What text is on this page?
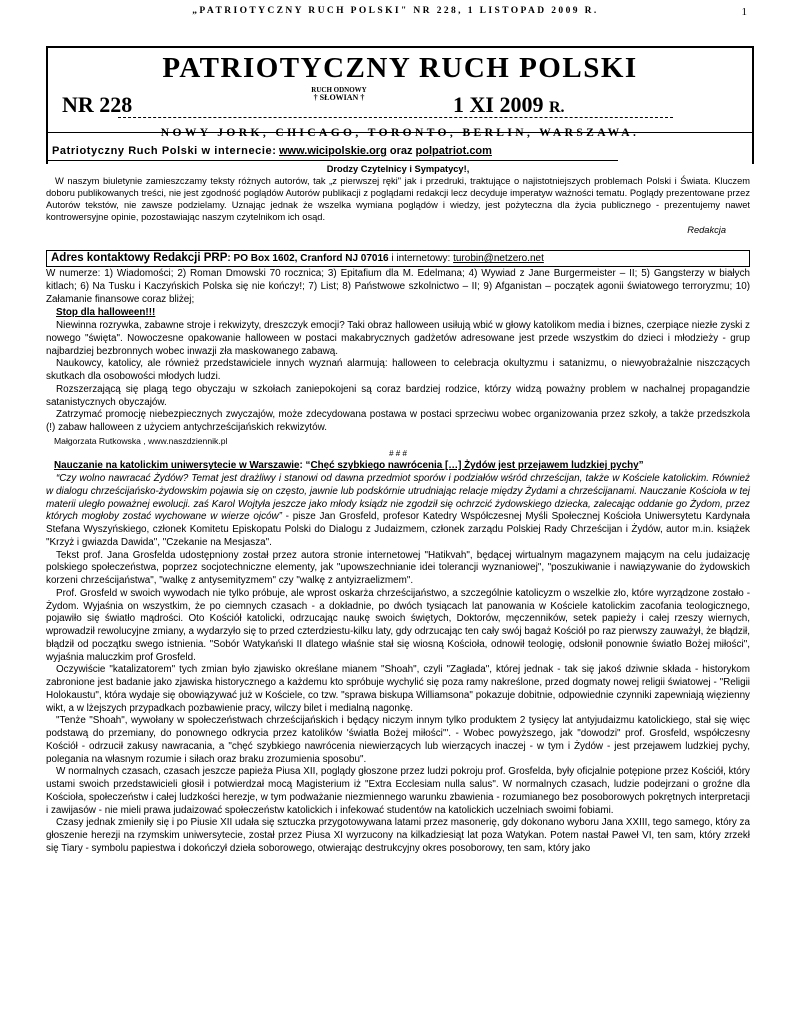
„PATRIOTYCZNY RUCH POLSKI" NR 228, 1 LISTOPAD 2009 R.	1
PATRIOTYCZNY RUCH POLSKI
NR 228
RUCH ODNOWY
† SŁOWIAN †	1 XI 2009 R.
NOWY JORK, CHICAGO, TORONTO, BERLIN, WARSZAWA.
Patriotyczny Ruch Polski w internecie: www.wicipolskie.org oraz polpatriot.com
Drodzy Czytelnicy i Sympatycy!,
W naszym biuletynie zamieszczamy teksty różnych autorów, tak „z pierwszej ręki" jak i przedruki, traktujące o najistotniejszych problemach Polski i Świata. Kluczem doboru publikowanych treści, nie jest zgodność poglądów Autorów publikacji z poglądami redakcji lecz decyduje imperatyw ważności tematu. Poglądy prezentowane przez Autorów tekstów, nie zawsze podzielamy. Uznając jednak że wszelka wymiana poglądów i wiedzy, jest pożyteczna dla życia publicznego - prezentujemy nawet kontrowersyjne opinie, pozostawiając naszym czytelnikom ich osąd.
Redakcja
Adres kontaktowy Redakcji PRP: PO Box 1602, Cranford NJ 07016 i internetowy: turobin@netzero.net

W numerze: 1) Wiadomości; 2) Roman Dmowski 70 rocznica; 3) Epitafium dla M. Edelmana; 4) Wywiad z Jane Burgermeister – II; 5) Gangsterzy w białych kitlach; 6) Na Tusku i Kaczyńskich Polska się nie kończy!; 7) List; 8) Państwowe szkolnictwo – II; 9) Afganistan – początek agonii światowego terroryzmu; 10) Załamanie finansowe coraz bliżej;

Stop dla halloween!!!

Niewinna rozrywka, zabawne stroje i rekwizyty, dreszczyk emocji? Taki obraz halloween usiłują wbić w głowy katolikom media i biznes, czerpiące niezłe zyski z nowego "święta". Nowoczesne opakowanie halloween w postaci makabrycznych gadżetów adresowane jest przede wszystkim do dzieci i młodzieży - grup najbardziej bezbronnych wobec inwazji zła maskowanego zabawą.

Naukowcy, katolicy, ale również przedstawiciele innych wyznań alarmują: halloween to celebracja okultyzmu i satanizmu, o niewyobrażalnie niszczących skutkach dla osobowości młodych ludzi.

Rozszerzającą się plagą tego obyczaju w szkołach zaniepokojeni są coraz bardziej rodzice, którzy widzą poważny problem w nachalnej propagandzie satanistycznych obyczajów.

Zatrzymać promocję niebezpiecznych zwyczajów, może zdecydowana postawa w postaci sprzeciwu wobec organizowania przez szkoły, a także przedszkola (!) zabaw halloween z użyciem antychrześcijańskich rekwizytów.

Małgorzata Rutkowska , www.naszdziennik.pl

# # #

Nauczanie na katolickim uniwersytecie w Warszawie: “Chęć szybkiego nawrócenia […] Żydów jest przejawem ludzkiej pychy”

“Czy wolno nawracać Żydów? Temat jest drażliwy i stanowi od dawna przedmiot sporów i podziałów wśród chrześcijan, także w Kościele katolickim. Również w dialogu chrześcijańsko-żydowskim pojawia się on często, jawnie lub podskórnie utrudniając relacje między Żydami a chrześcijanami. Nauczanie Kościoła w tej materii uległo poważnej ewolucji. zaś Karol Wojtyła jeszcze jako młody ksiądz nie zgodził się ochrzcić żydowskiego dziecka, zalecając oddanie go Żydom, przez których mogłoby zostać wychowane w wierze ojców” - pisze Jan Grosfeld, profesor Katedry Współczesnej Myśli Społecznej Kościoła Uniwersytetu Kardynała Stefana Wyszyńskiego, członek Komitetu Episkopatu Polski do Dialogu z Judaizmem, członek zarządu Polskiej Rady Chrześcijan i Żydów, autor m.in. książek "Krzyż i gwiazda Dawida", "Czekanie na Mesjasza".

Tekst prof. Jana Grosfelda udostępniony został przez autora stronie internetowej "Hatikvah", będącej wirtualnym magazynem mającym na celu judaizację polskiego społeczeństwa, poprzez socjotechniczne elementy, jak "upowszechnianie idei tolerancji wyznaniowej", "poszukiwanie i nawiązywanie do żydowskich korzeni chrześcijaństwa", "walkę z antysemityzmem" czy "walkę z antyizraelizmem".

Prof. Grosfeld w swoich wywodach nie tylko próbuje, ale wprost oskarża chrześcijaństwo, a szczególnie katolicyzm o wszelkie zło, które wyrządzone zostało - Żydom. Wyjaśnia on wszystkim, że po ciemnych czasach - a dokładnie, po dwóch tysiącach lat panowania w Kościele katolickim zacofania teologicznego, pojawiło się światło mądrości. Oto Kościół katolicki, odrzucając naukę swoich świętych, Doktorów, męczenników, setek papieży i całej rzeszy wiernych, wprowadził rewolucyjne zmiany, a wydarzyło się to przed czterdziestu-kilku laty, gdy odrzucając ten cały swój bagaż Kościół po raz pierwszy zauważył, że błądził, błądził od początku swego istnienia. "Sobór Watykański II dlatego właśnie stał się wiosną Kościoła, odnowił teologię, odsłonił ponownie światło Bożej miłości", wyjaśnia maluczkim prof Grosfeld.

Oczywiście "katalizatorem" tych zmian było zjawisko określane mianem "Shoah", czyli "Zagłada", której jednak - tak się jakoś dziwnie składa - historykom zabronione jest badanie jako zjawiska historycznego a każdemu kto spróbuje wychylić się poza ramy nakreślone, przed dogmaty nowej religii światowej - "Religii Holokaustu", która wydaje się obowiązywać już w Kościele, co tzw. "sprawa biskupa Williamsona" pokazuje dobitnie, odpowiednie czynniki zapewniają więzienny wikt, a w lżejszych przypadkach pozbawienie pracy, wilczy bilet i medialną nagonkę.

"Tenże "Shoah", wywołany w społeczeństwach chrześcijańskich i będący niczym innym tylko produktem 2 tysięcy lat antyjudaizmu katolickiego, stał się więc podstawą do przemiany, do ponownego odkrycia przez katolików 'światła Bożej miłości'". - Wobec powyższego, jak "dowodzi" prof. Grosfeld, współczesny Kościół - odrzucił zakusy nawracania, a "chęć szybkiego nawrócenia niewierzących lub wierzących inaczej - w tym i Żydów - jest przejawem ludzkiej pychy, polegania na własnym rozumie i siłach oraz braku zrozumienia sposobu".

W normalnych czasach, czasach jeszcze papieża Piusa XII, poglądy głoszone przez ludzi pokroju prof. Grosfelda, były oficjalnie potępione przez Kościół, który ustami swoich przedstawicieli głosił i potwierdzał mocą Magisterium iż "Extra Ecclesiam nulla salus". W normalnych czasach, ludzie podejrzani o groźne dla Kościoła, społeczeństw i całej ludzkości herezje, w tym podważanie niezmiennego warunku zbawienia - rozumianego bez posoborowych pokrętnych interpretacji i zawijasów - nie mieli prawa judaizować społeczeństw katolickich i infekować studentów na katolickich uczelniach swoimi fobiami.

Czasy jednak zmieniły się i po Piusie XII udała się sztuczka przygotowywana latami przez masonerię, gdy dokonano wyboru Jana XXIII, tego samego, który za głoszenie herezji na rzymskim uniwersytecie, został przez Piusa XI wyrzucony na kilkadziesiąt lat poza Watykan. Potem nastał Paweł VI, ten sam, który zrzekł się Tiary - symbolu papiestwa i dokończył dzieła soborowego, otwierając destrukcyjny okres posoborowy, ten sam, który jako
